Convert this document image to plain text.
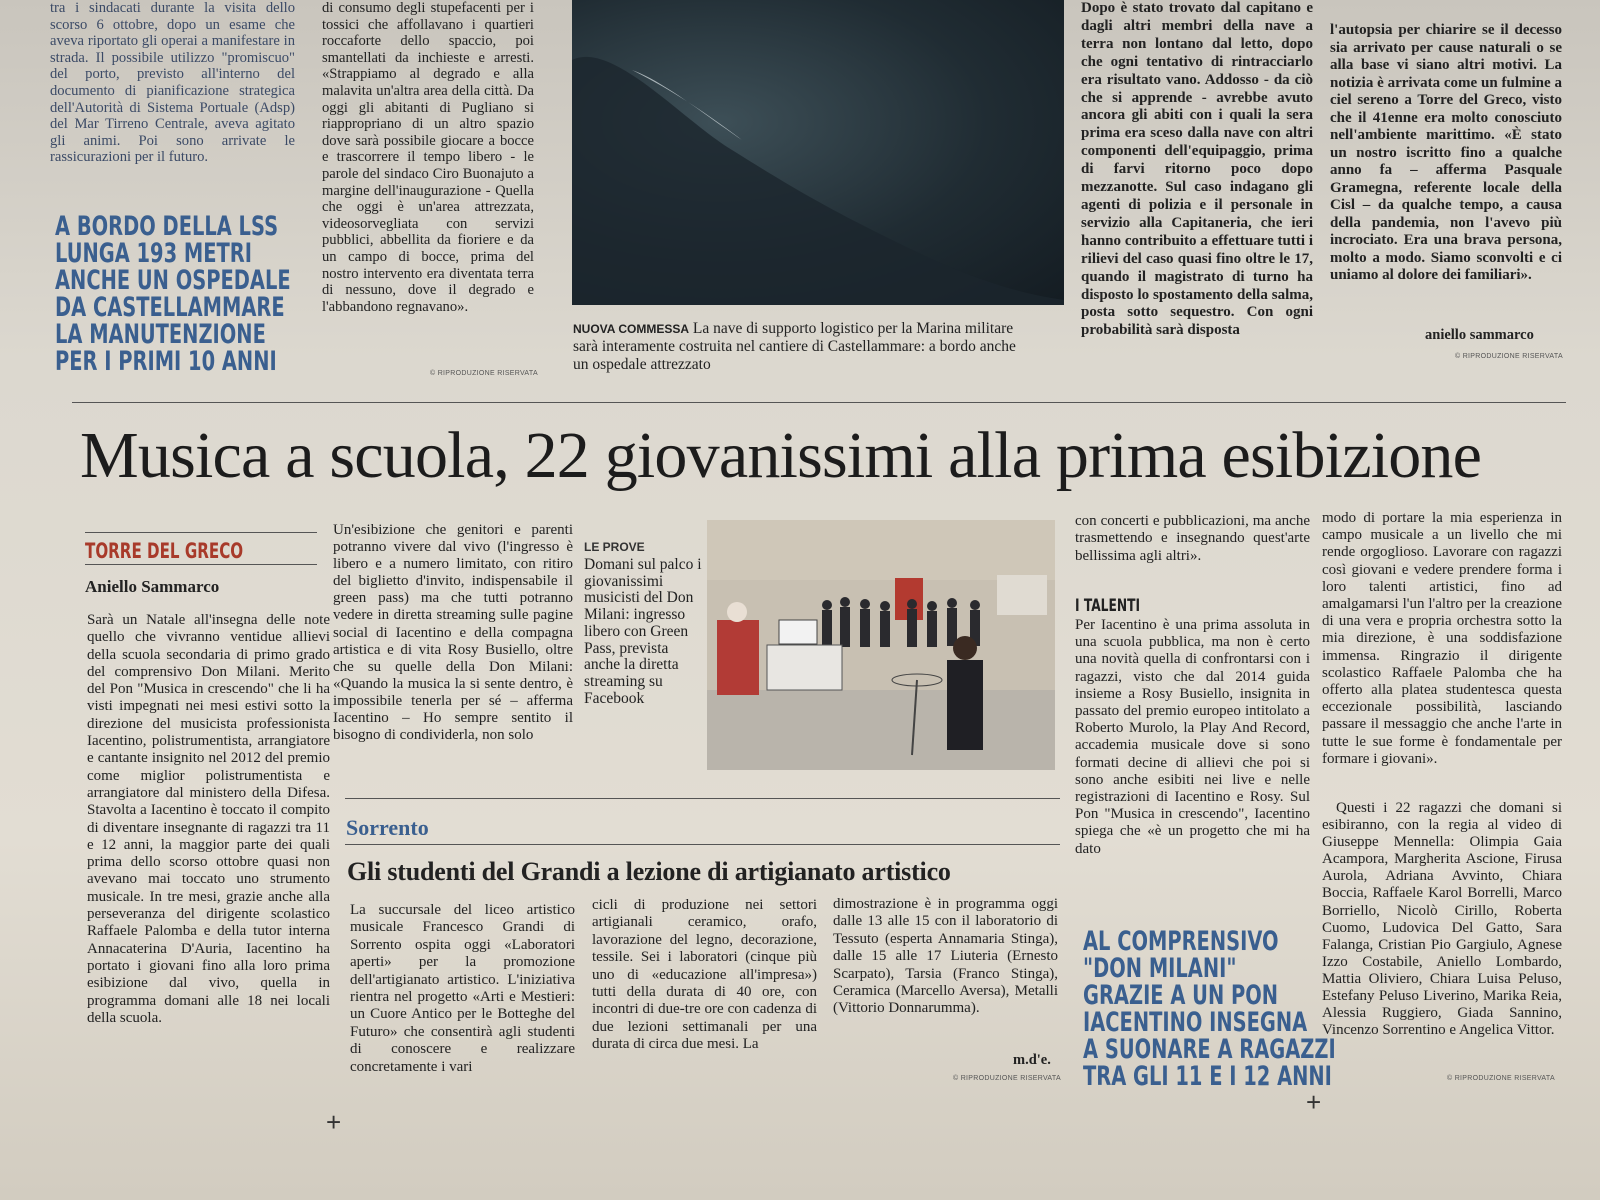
tra i sindacati durante la visita dello scorso 6 ottobre, dopo un esame che aveva riportato gli operai a manifestare in strada. Il possibile utilizzo "promiscuo" del porto, previsto all'interno del documento di pianificazione strategica dell'Autorità di Sistema Portuale (Adsp) del Mar Tirreno Centrale, aveva agitato gli animi. Poi sono arrivate le rassicurazioni per il futuro.
A BORDO DELLA LSS
LUNGA 193 METRI
ANCHE UN OSPEDALE
DA CASTELLAMMARE
LA MANUTENZIONE
PER I PRIMI 10 ANNI
di consumo degli stupefacenti per i tossici che affollavano i quartieri roccaforte dello spaccio, poi smantellati da inchieste e arresti. «Strappiamo al degrado e alla malavita un'altra area della città. Da oggi gli abitanti di Pugliano si riappropriano di un altro spazio dove sarà possibile giocare a bocce e trascorrere il tempo libero - le parole del sindaco Ciro Buonajuto a margine dell'inaugurazione - Quella che oggi è un'area attrezzata, videosorvegliata con servizi pubblici, abbellita da fioriere e da un campo di bocce, prima del nostro intervento era diventata terra di nessuno, dove il degrado e l'abbandono regnavano».
© RIPRODUZIONE RISERVATA
NUOVA COMMESSA La nave di supporto logistico per la Marina militare sarà interamente costruita nel cantiere di Castellammare: a bordo anche un ospedale attrezzato
Dopo è stato trovato dal capitano e dagli altri membri della nave a terra non lontano dal letto, dopo che ogni tentativo di rintracciarlo era risultato vano. Addosso - da ciò che si apprende - avrebbe avuto ancora gli abiti con i quali la sera prima era sceso dalla nave con altri componenti dell'equipaggio, prima di farvi ritorno poco dopo mezzanotte. Sul caso indagano gli agenti di polizia e il personale in servizio alla Capitaneria, che ieri hanno contribuito a effettuare tutti i rilievi del caso quasi fino oltre le 17, quando il magistrato di turno ha disposto lo spostamento della salma, posta sotto sequestro. Con ogni probabilità sarà disposta
l'autopsia per chiarire se il decesso sia arrivato per cause naturali o se alla base vi siano altri motivi. La notizia è arrivata come un fulmine a ciel sereno a Torre del Greco, visto che il 41enne era molto conosciuto nell'ambiente marittimo. «È stato un nostro iscritto fino a qualche anno fa – afferma Pasquale Gramegna, referente locale della Cisl – da qualche tempo, a causa della pandemia, non l'avevo più incrociato. Era una brava persona, molto a modo. Siamo sconvolti e ci uniamo al dolore dei familiari».
aniello sammarco
© RIPRODUZIONE RISERVATA
Musica a scuola, 22 giovanissimi alla prima esibizione
TORRE DEL GRECO
Aniello Sammarco
Sarà un Natale all'insegna delle note quello che vivranno ventidue allievi della scuola secondaria di primo grado del comprensivo Don Milani. Merito del Pon "Musica in crescendo" che li ha visti impegnati nei mesi estivi sotto la direzione del musicista professionista Iacentino, polistrumentista, arrangiatore e cantante insignito nel 2012 del premio come miglior polistrumentista e arrangiatore dal ministero della Difesa. Stavolta a Iacentino è toccato il compito di diventare insegnante di ragazzi tra 11 e 12 anni, la maggior parte dei quali prima dello scorso ottobre quasi non avevano mai toccato uno strumento musicale. In tre mesi, grazie anche alla perseveranza del dirigente scolastico Raffaele Palomba e della tutor interna Annacaterina D'Auria, Iacentino ha portato i giovani fino alla loro prima esibizione dal vivo, quella in programma domani alle 18 nei locali della scuola.
Un'esibizione che genitori e parenti potranno vivere dal vivo (l'ingresso è libero e a numero limitato, con ritiro del biglietto d'invito, indispensabile il green pass) ma che tutti potranno vedere in diretta streaming sulle pagine social di Iacentino e della compagna artistica e di vita Rosy Busiello, oltre che su quelle della Don Milani: «Quando la musica la si sente dentro, è impossibile tenerla per sé – afferma Iacentino – Ho sempre sentito il bisogno di condividerla, non solo
LE PROVE
Domani sul palco i giovanissimi musicisti del Don Milani: ingresso libero con Green Pass, prevista anche la diretta streaming su Facebook
con concerti e pubblicazioni, ma anche trasmettendo e insegnando quest'arte bellissima agli altri».
I TALENTI
Per Iacentino è una prima assoluta in una scuola pubblica, ma non è certo una novità quella di confrontarsi con i ragazzi, visto che dal 2014 guida insieme a Rosy Busiello, insignita in passato del premio europeo intitolato a Roberto Murolo, la Play And Record, accademia musicale dove si sono formati decine di allievi che poi si sono anche esibiti nei live e nelle registrazioni di Iacentino e Rosy. Sul Pon "Musica in crescendo", Iacentino spiega che «è un progetto che mi ha dato
AL COMPRENSIVO
"DON MILANI"
GRAZIE A UN PON
IACENTINO INSEGNA
A SUONARE A RAGAZZI
TRA GLI 11 E I 12 ANNI
modo di portare la mia esperienza in campo musicale a un livello che mi rende orgoglioso. Lavorare con ragazzi così giovani e vedere prendere forma i loro talenti artistici, fino ad amalgamarsi l'un l'altro per la creazione di una vera e propria orchestra sotto la mia direzione, è una soddisfazione immensa. Ringrazio il dirigente scolastico Raffaele Palomba che ha offerto alla platea studentesca questa eccezionale possibilità, lasciando passare il messaggio che anche l'arte in tutte le sue forme è fondamentale per formare i giovani».
Questi i 22 ragazzi che domani si esibiranno, con la regia al video di Giuseppe Mennella: Olimpia Gaia Acampora, Margherita Ascione, Firusa Aurola, Adriana Avvinto, Chiara Boccia, Raffaele Karol Borrelli, Marco Borriello, Nicolò Cirillo, Roberta Cuomo, Ludovica Del Gatto, Sara Falanga, Cristian Pio Gargiulo, Agnese Izzo Costabile, Aniello Lombardo, Mattia Oliviero, Chiara Luisa Peluso, Estefany Peluso Liverino, Marika Reia, Alessia Ruggiero, Giada Sannino, Vincenzo Sorrentino e Angelica Vittor.
© RIPRODUZIONE RISERVATA
Sorrento
Gli studenti del Grandi a lezione di artigianato artistico
La succursale del liceo artistico musicale Francesco Grandi di Sorrento ospita oggi «Laboratori aperti» per la promozione dell'artigianato artistico. L'iniziativa rientra nel progetto «Arti e Mestieri: un Cuore Antico per le Botteghe del Futuro» che consentirà agli studenti di conoscere e realizzare concretamente i vari
cicli di produzione nei settori artigianali ceramico, orafo, lavorazione del legno, decorazione, tessile. Sei i laboratori (cinque più uno di «educazione all'impresa») tutti della durata di 40 ore, con incontri di due-tre ore con cadenza di due lezioni settimanali per una durata di circa due mesi. La
dimostrazione è in programma oggi dalle 13 alle 15 con il laboratorio di Tessuto (esperta Annamaria Stinga), dalle 15 alle 17 Liuteria (Ernesto Scarpato), Tarsia (Franco Stinga), Ceramica (Marcello Aversa), Metalli (Vittorio Donnarumma).
m.d'e.
© RIPRODUZIONE RISERVATA
+
+
